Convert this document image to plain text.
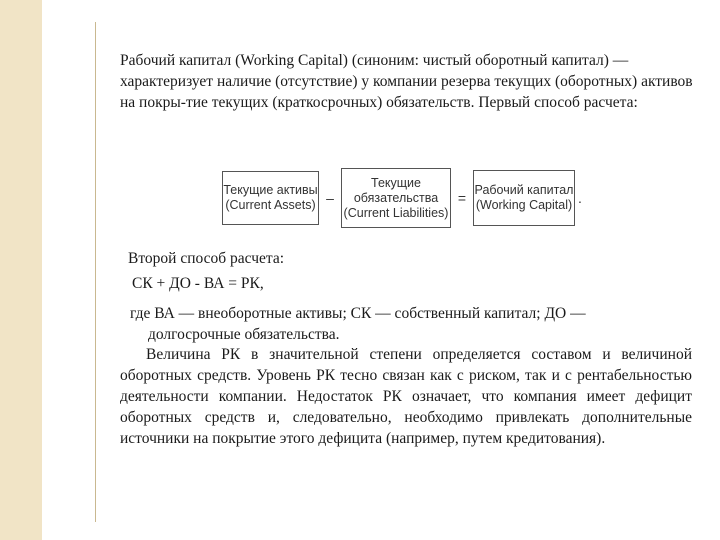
Рабочий капитал (Working Capital) (синоним: чистый оборотный капитал) — характеризует наличие (отсутствие) у компании резерва текущих (оборотных) активов на покры-тие текущих (краткосрочных) обязательств. Первый способ расчета:

Текущие активы
(Current Assets) –
Текущие
обязательства
(Current Liabilities)
= Рабочий капитал
(Working Capital) .

Второй способ расчета:

СК + ДО - ВА = РК,

где ВА — внеоборотные активы; СК — собственный капитал; ДО —
долгосрочные обязательства.

Величина РК в значительной степени определяется составом и величиной оборотных средств. Уровень РК тесно связан как с риском, так и с рентабельностью деятельности компании. Недостаток РК означает, что компания имеет дефицит оборотных средств и, следовательно, необходимо привлекать дополнительные источники на покрытие этого дефицита (например, путем кредитования).
